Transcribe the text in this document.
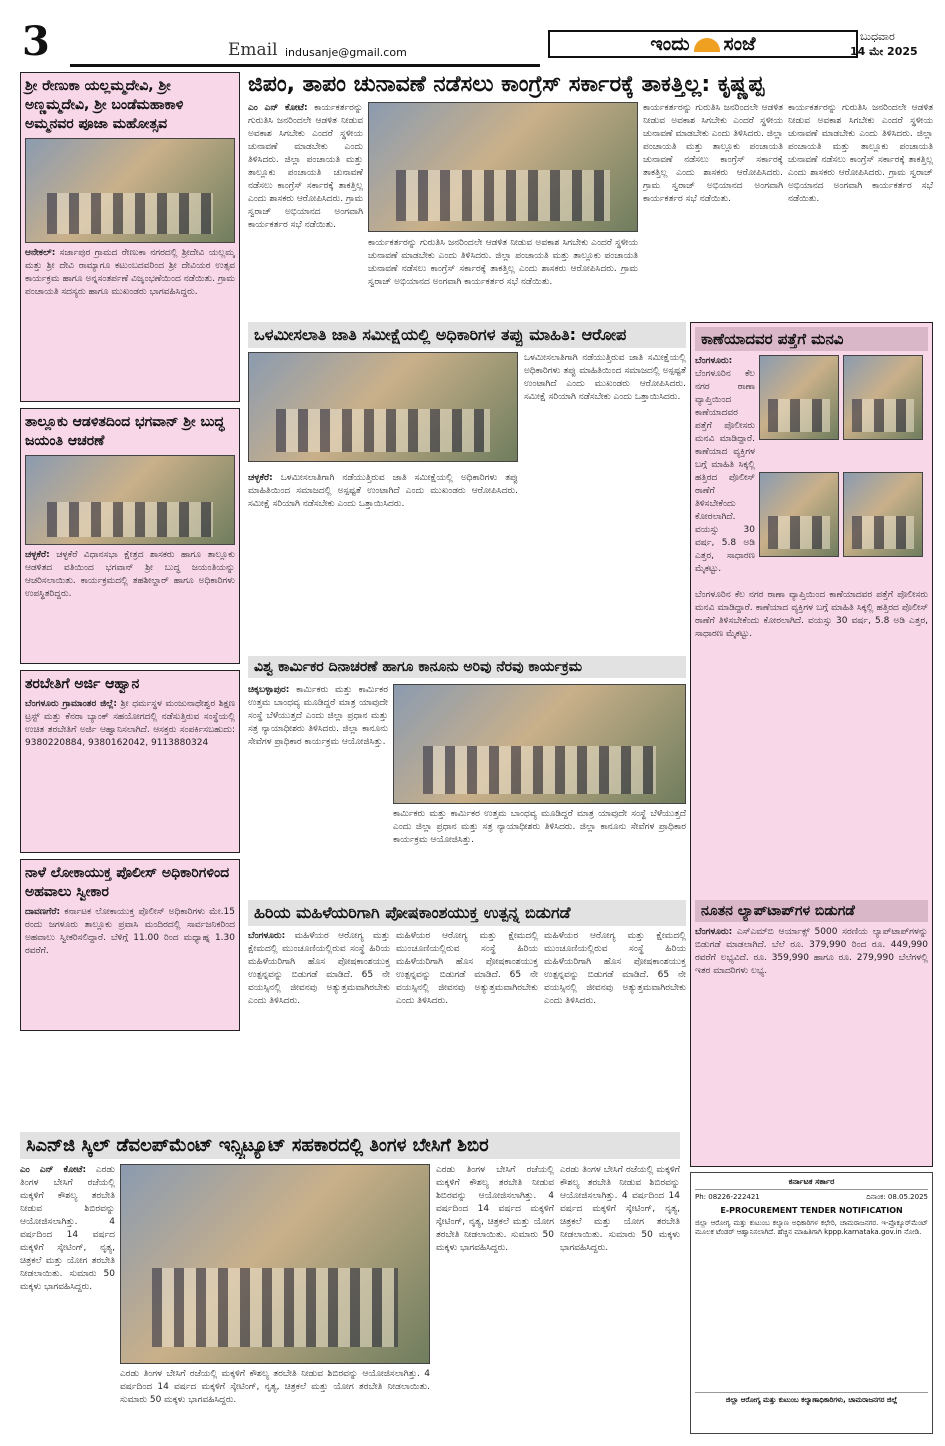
3	Email indusanje@gmail.com	ಇಂದು ಸಂಜೆ	ಬುಧವಾರ
14 ಮೇ 2025
ಶ್ರೀ ರೇಣುಕಾ ಯಲ್ಲಮ್ಮದೇವಿ, ಶ್ರೀ ಅಣ್ಣಮ್ಮದೇವಿ, ಶ್ರೀ ಬಂಡೆಮಹಾಕಾಳಿ ಅಮ್ಮನವರ ಪೂಜಾ ಮಹೋತ್ಸವ
ಆನೇಕಲ್: ಸರ್ಜಾಪುರ ಗ್ರಾಮದ ರೇಣುಕಾ ನಗರದಲ್ಲಿ ಶ್ರೀದೇವಿ ಯಲ್ಲಮ್ಮ ಮತ್ತು ಶ್ರೀ ದೇವಿ ರಾಮ್ಯಾಗೂ ಕಟುಂಬದವರಿಂದ ಶ್ರೀ ದೇವಿಯರ ಉತ್ಸವ ಕಾರ್ಯಕ್ರಮ ಹಾಗೂ ಅನ್ನಸಂತರ್ಪಣೆ ವಿಜೃಂಭಣೆಯಿಂದ ನಡೆಯಿತು. ಗ್ರಾಮ ಪಂಚಾಯತಿ ಸದಸ್ಯರು ಹಾಗೂ ಮುಖಂಡರು ಭಾಗವಹಿಸಿದ್ದರು.
ತಾಲ್ಲೂಕು ಆಡಳಿತದಿಂದ ಭಗವಾನ್ ಶ್ರೀ ಬುದ್ಧ ಜಯಂತಿ ಆಚರಣೆ
ಚಳ್ಳಕೆರೆ: ಚಳ್ಳಕೆರೆ ವಿಧಾನಸಭಾ ಕ್ಷೇತ್ರದ ಶಾಸಕರು ಹಾಗೂ ತಾಲ್ಲೂಕು ಆಡಳಿತದ ವತಿಯಿಂದ ಭಗವಾನ್ ಶ್ರೀ ಬುದ್ಧ ಜಯಂತಿಯನ್ನು ಆಚರಿಸಲಾಯಿತು. ಕಾರ್ಯಕ್ರಮದಲ್ಲಿ ತಹಶೀಲ್ದಾರ್ ಹಾಗೂ ಅಧಿಕಾರಿಗಳು ಉಪಸ್ಥಿತರಿದ್ದರು.
ತರಬೇತಿಗೆ ಅರ್ಜಿ ಆಹ್ವಾನ
ಬೆಂಗಳೂರು ಗ್ರಾಮಾಂತರ ಜಿಲ್ಲೆ: ಶ್ರೀ ಧರ್ಮಸ್ಥಳ ಮಂಜುನಾಥೇಶ್ವರ ಶಿಕ್ಷಣ ಟ್ರಸ್ಟ್ ಮತ್ತು ಕೆನರಾ ಬ್ಯಾಂಕ್ ಸಹಯೋಗದಲ್ಲಿ ನಡೆಸುತ್ತಿರುವ ಸಂಸ್ಥೆಯಲ್ಲಿ ಉಚಿತ ತರಬೇತಿಗೆ ಅರ್ಜಿ ಆಹ್ವಾನಿಸಲಾಗಿದೆ. ಆಸಕ್ತರು ಸಂಪರ್ಕಿಸಬಹುದು: 9380220884, 9380162042, 9113880324
ನಾಳೆ ಲೋಕಾಯುಕ್ತ ಪೊಲೀಸ್ ಅಧಿಕಾರಿಗಳಿಂದ ಅಹವಾಲು ಸ್ವೀಕಾರ
ದಾವಣಗೆರೆ: ಕರ್ನಾಟಕ ಲೋಕಾಯುಕ್ತ ಪೊಲೀಸ್ ಅಧಿಕಾರಿಗಳು ಮೇ.15 ರಂದು ಜಗಳೂರು ತಾಲ್ಲೂಕು ಪ್ರವಾಸಿ ಮಂದಿರದಲ್ಲಿ ಸಾರ್ವಜನಿಕರಿಂದ ಅಹವಾಲು ಸ್ವೀಕರಿಸಲಿದ್ದಾರೆ. ಬೆಳಿಗ್ಗೆ 11.00 ರಿಂದ ಮಧ್ಯಾಹ್ನ 1.30 ರವರೆಗೆ.
ಜಿಪಂ, ತಾಪಂ ಚುನಾವಣೆ ನಡೆಸಲು ಕಾಂಗ್ರೆಸ್ ಸರ್ಕಾರಕ್ಕೆ ತಾಕತ್ತಿಲ್ಲ: ಕೃಷ್ಣಪ್ಪ
ಎಂ ಎನ್ ಕೋಟೆ: ಕಾರ್ಯಕರ್ತರನ್ನು ಗುರುತಿಸಿ ಜನರಿಂದಲೇ ಆಡಳಿತ ನೀಡುವ ಅವಕಾಶ ಸಿಗಬೇಕು ಎಂದರೆ ಸ್ಥಳೀಯ ಚುನಾವಣೆ ಮಾಡಬೇಕು ಎಂದು ತಿಳಿಸಿದರು. ಜಿಲ್ಲಾ ಪಂಚಾಯತಿ ಮತ್ತು ತಾಲ್ಲೂಕು ಪಂಚಾಯತಿ ಚುನಾವಣೆ ನಡೆಸಲು ಕಾಂಗ್ರೆಸ್ ಸರ್ಕಾರಕ್ಕೆ ತಾಕತ್ತಿಲ್ಲ ಎಂದು ಶಾಸಕರು ಆರೋಪಿಸಿದರು. ಗ್ರಾಮ ಸ್ವರಾಜ್ ಅಭಿಯಾನದ ಅಂಗವಾಗಿ ಕಾರ್ಯಕರ್ತರ ಸಭೆ ನಡೆಯಿತು.
ಕಾರ್ಯಕರ್ತರನ್ನು ಗುರುತಿಸಿ ಜನರಿಂದಲೇ ಆಡಳಿತ ನೀಡುವ ಅವಕಾಶ ಸಿಗಬೇಕು ಎಂದರೆ ಸ್ಥಳೀಯ ಚುನಾವಣೆ ಮಾಡಬೇಕು ಎಂದು ತಿಳಿಸಿದರು. ಜಿಲ್ಲಾ ಪಂಚಾಯತಿ ಮತ್ತು ತಾಲ್ಲೂಕು ಪಂಚಾಯತಿ ಚುನಾವಣೆ ನಡೆಸಲು ಕಾಂಗ್ರೆಸ್ ಸರ್ಕಾರಕ್ಕೆ ತಾಕತ್ತಿಲ್ಲ ಎಂದು ಶಾಸಕರು ಆರೋಪಿಸಿದರು. ಗ್ರಾಮ ಸ್ವರಾಜ್ ಅಭಿಯಾನದ ಅಂಗವಾಗಿ ಕಾರ್ಯಕರ್ತರ ಸಭೆ ನಡೆಯಿತು.
ಕಾರ್ಯಕರ್ತರನ್ನು ಗುರುತಿಸಿ ಜನರಿಂದಲೇ ಆಡಳಿತ ನೀಡುವ ಅವಕಾಶ ಸಿಗಬೇಕು ಎಂದರೆ ಸ್ಥಳೀಯ ಚುನಾವಣೆ ಮಾಡಬೇಕು ಎಂದು ತಿಳಿಸಿದರು. ಜಿಲ್ಲಾ ಪಂಚಾಯತಿ ಮತ್ತು ತಾಲ್ಲೂಕು ಪಂಚಾಯತಿ ಚುನಾವಣೆ ನಡೆಸಲು ಕಾಂಗ್ರೆಸ್ ಸರ್ಕಾರಕ್ಕೆ ತಾಕತ್ತಿಲ್ಲ ಎಂದು ಶಾಸಕರು ಆರೋಪಿಸಿದರು. ಗ್ರಾಮ ಸ್ವರಾಜ್ ಅಭಿಯಾನದ ಅಂಗವಾಗಿ ಕಾರ್ಯಕರ್ತರ ಸಭೆ ನಡೆಯಿತು.
ಕಾರ್ಯಕರ್ತರನ್ನು ಗುರುತಿಸಿ ಜನರಿಂದಲೇ ಆಡಳಿತ ನೀಡುವ ಅವಕಾಶ ಸಿಗಬೇಕು ಎಂದರೆ ಸ್ಥಳೀಯ ಚುನಾವಣೆ ಮಾಡಬೇಕು ಎಂದು ತಿಳಿಸಿದರು. ಜಿಲ್ಲಾ ಪಂಚಾಯತಿ ಮತ್ತು ತಾಲ್ಲೂಕು ಪಂಚಾಯತಿ ಚುನಾವಣೆ ನಡೆಸಲು ಕಾಂಗ್ರೆಸ್ ಸರ್ಕಾರಕ್ಕೆ ತಾಕತ್ತಿಲ್ಲ ಎಂದು ಶಾಸಕರು ಆರೋಪಿಸಿದರು. ಗ್ರಾಮ ಸ್ವರಾಜ್ ಅಭಿಯಾನದ ಅಂಗವಾಗಿ ಕಾರ್ಯಕರ್ತರ ಸಭೆ ನಡೆಯಿತು.
ಒಳಮೀಸಲಾತಿ ಜಾತಿ ಸಮೀಕ್ಷೆಯಲ್ಲಿ ಅಧಿಕಾರಿಗಳ ತಪ್ಪು ಮಾಹಿತಿ: ಆರೋಪ
ಒಳಮೀಸಲಾತಿಗಾಗಿ ನಡೆಯುತ್ತಿರುವ ಜಾತಿ ಸಮೀಕ್ಷೆಯಲ್ಲಿ ಅಧಿಕಾರಿಗಳು ತಪ್ಪು ಮಾಹಿತಿಯಿಂದ ಸಮಾಜದಲ್ಲಿ ಅಸ್ಪಷ್ಟತೆ ಉಂಟಾಗಿದೆ ಎಂದು ಮುಖಂಡರು ಆರೋಪಿಸಿದರು. ಸಮೀಕ್ಷೆ ಸರಿಯಾಗಿ ನಡೆಸಬೇಕು ಎಂದು ಒತ್ತಾಯಿಸಿದರು.
ಚಳ್ಳಕೆರೆ: ಒಳಮೀಸಲಾತಿಗಾಗಿ ನಡೆಯುತ್ತಿರುವ ಜಾತಿ ಸಮೀಕ್ಷೆಯಲ್ಲಿ ಅಧಿಕಾರಿಗಳು ತಪ್ಪು ಮಾಹಿತಿಯಿಂದ ಸಮಾಜದಲ್ಲಿ ಅಸ್ಪಷ್ಟತೆ ಉಂಟಾಗಿದೆ ಎಂದು ಮುಖಂಡರು ಆರೋಪಿಸಿದರು. ಸಮೀಕ್ಷೆ ಸರಿಯಾಗಿ ನಡೆಸಬೇಕು ಎಂದು ಒತ್ತಾಯಿಸಿದರು.
ಕಾಣೆಯಾದವರ ಪತ್ತೆಗೆ ಮನವಿ
ಬೆಂಗಳೂರು: ಬೆಂಗಳೂರಿನ ಕೆಲ ನಗರ ಠಾಣಾ ವ್ಯಾಪ್ತಿಯಿಂದ ಕಾಣೆಯಾದವರ ಪತ್ತೆಗೆ ಪೊಲೀಸರು ಮನವಿ ಮಾಡಿದ್ದಾರೆ. ಕಾಣೆಯಾದ ವ್ಯಕ್ತಿಗಳ ಬಗ್ಗೆ ಮಾಹಿತಿ ಸಿಕ್ಕಲ್ಲಿ ಹತ್ತಿರದ ಪೊಲೀಸ್ ಠಾಣೆಗೆ ತಿಳಿಸಬೇಕೆಂದು ಕೋರಲಾಗಿದೆ. ವಯಸ್ಸು 30 ವರ್ಷ, 5.8 ಅಡಿ ಎತ್ತರ, ಸಾಧಾರಣ ಮೈಕಟ್ಟು.
ಬೆಂಗಳೂರಿನ ಕೆಲ ನಗರ ಠಾಣಾ ವ್ಯಾಪ್ತಿಯಿಂದ ಕಾಣೆಯಾದವರ ಪತ್ತೆಗೆ ಪೊಲೀಸರು ಮನವಿ ಮಾಡಿದ್ದಾರೆ. ಕಾಣೆಯಾದ ವ್ಯಕ್ತಿಗಳ ಬಗ್ಗೆ ಮಾಹಿತಿ ಸಿಕ್ಕಲ್ಲಿ ಹತ್ತಿರದ ಪೊಲೀಸ್ ಠಾಣೆಗೆ ತಿಳಿಸಬೇಕೆಂದು ಕೋರಲಾಗಿದೆ. ವಯಸ್ಸು 30 ವರ್ಷ, 5.8 ಅಡಿ ಎತ್ತರ, ಸಾಧಾರಣ ಮೈಕಟ್ಟು.
ನೂತನ ಲ್ಯಾಪ್‌ಟಾಪ್‌ಗಳ ಬಿಡುಗಡೆ
ಬೆಂಗಳೂರು: ಎಸ್‌ಎಮ್‌ಬಿ ಆರ್ಯಾಕ್ಸ್ 5000 ಸರಣಿಯ ಲ್ಯಾಪ್‌ಟಾಪ್‌ಗಳನ್ನು ಬಿಡುಗಡೆ ಮಾಡಲಾಗಿದೆ. ಬೆಲೆ ರೂ. 379,990 ರಿಂದ ರೂ. 449,990 ರವರೆಗೆ ಲಭ್ಯವಿದೆ. ರೂ. 359,990 ಹಾಗೂ ರೂ. 279,990 ಬೆಲೆಗಳಲ್ಲಿ ಇತರ ಮಾದರಿಗಳು ಲಭ್ಯ.
ವಿಶ್ವ ಕಾರ್ಮಿಕರ ದಿನಾಚರಣೆ ಹಾಗೂ ಕಾನೂನು ಅರಿವು ನೆರವು ಕಾರ್ಯಕ್ರಮ
ಚಿಕ್ಕಬಳ್ಳಾಪುರ: ಕಾರ್ಮಿಕರು ಮತ್ತು ಕಾರ್ಮಿಕರ ಉತ್ತಮ ಬಾಂಧವ್ಯ ಮೂಡಿದ್ದರೆ ಮಾತ್ರ ಯಾವುದೇ ಸಂಸ್ಥೆ ಬೆಳೆಯುತ್ತದೆ ಎಂದು ಜಿಲ್ಲಾ ಪ್ರಧಾನ ಮತ್ತು ಸತ್ರ ನ್ಯಾಯಾಧೀಶರು ತಿಳಿಸಿದರು. ಜಿಲ್ಲಾ ಕಾನೂನು ಸೇವೆಗಳ ಪ್ರಾಧಿಕಾರ ಕಾರ್ಯಕ್ರಮ ಆಯೋಜಿಸಿತ್ತು.
ಕಾರ್ಮಿಕರು ಮತ್ತು ಕಾರ್ಮಿಕರ ಉತ್ತಮ ಬಾಂಧವ್ಯ ಮೂಡಿದ್ದರೆ ಮಾತ್ರ ಯಾವುದೇ ಸಂಸ್ಥೆ ಬೆಳೆಯುತ್ತದೆ ಎಂದು ಜಿಲ್ಲಾ ಪ್ರಧಾನ ಮತ್ತು ಸತ್ರ ನ್ಯಾಯಾಧೀಶರು ತಿಳಿಸಿದರು. ಜಿಲ್ಲಾ ಕಾನೂನು ಸೇವೆಗಳ ಪ್ರಾಧಿಕಾರ ಕಾರ್ಯಕ್ರಮ ಆಯೋಜಿಸಿತ್ತು.
ಹಿರಿಯ ಮಹಿಳೆಯರಿಗಾಗಿ ಪೋಷಕಾಂಶಯುಕ್ತ ಉತ್ಪನ್ನ ಬಿಡುಗಡೆ
ಬೆಂಗಳೂರು: ಮಹಿಳೆಯರ ಆರೋಗ್ಯ ಮತ್ತು ಕ್ಷೇಮದಲ್ಲಿ ಮುಂಚೂಣಿಯಲ್ಲಿರುವ ಸಂಸ್ಥೆ ಹಿರಿಯ ಮಹಿಳೆಯರಿಗಾಗಿ ಹೊಸ ಪೋಷಕಾಂಶಯುಕ್ತ ಉತ್ಪನ್ನವನ್ನು ಬಿಡುಗಡೆ ಮಾಡಿದೆ. 65 ನೇ ವಯಸ್ಸಿನಲ್ಲಿ ಜೀವನವು ಅತ್ಯುತ್ತಮವಾಗಿರಬೇಕು ಎಂದು ತಿಳಿಸಿದರು.
ಮಹಿಳೆಯರ ಆರೋಗ್ಯ ಮತ್ತು ಕ್ಷೇಮದಲ್ಲಿ ಮುಂಚೂಣಿಯಲ್ಲಿರುವ ಸಂಸ್ಥೆ ಹಿರಿಯ ಮಹಿಳೆಯರಿಗಾಗಿ ಹೊಸ ಪೋಷಕಾಂಶಯುಕ್ತ ಉತ್ಪನ್ನವನ್ನು ಬಿಡುಗಡೆ ಮಾಡಿದೆ. 65 ನೇ ವಯಸ್ಸಿನಲ್ಲಿ ಜೀವನವು ಅತ್ಯುತ್ತಮವಾಗಿರಬೇಕು ಎಂದು ತಿಳಿಸಿದರು.
ಮಹಿಳೆಯರ ಆರೋಗ್ಯ ಮತ್ತು ಕ್ಷೇಮದಲ್ಲಿ ಮುಂಚೂಣಿಯಲ್ಲಿರುವ ಸಂಸ್ಥೆ ಹಿರಿಯ ಮಹಿಳೆಯರಿಗಾಗಿ ಹೊಸ ಪೋಷಕಾಂಶಯುಕ್ತ ಉತ್ಪನ್ನವನ್ನು ಬಿಡುಗಡೆ ಮಾಡಿದೆ. 65 ನೇ ವಯಸ್ಸಿನಲ್ಲಿ ಜೀವನವು ಅತ್ಯುತ್ತಮವಾಗಿರಬೇಕು ಎಂದು ತಿಳಿಸಿದರು.
ಸಿಎನ್‌ಜಿ ಸ್ಕಿಲ್ ಡೆವಲಪ್‌ಮೆಂಟ್ ಇನ್ಸ್ಟಿಟ್ಯೂಟ್ ಸಹಕಾರದಲ್ಲಿ ತಿಂಗಳ ಬೇಸಿಗೆ ಶಿಬಿರ
ಎಂ ಎನ್ ಕೋಟೆ: ಎರಡು ತಿಂಗಳ ಬೇಸಿಗೆ ರಜೆಯಲ್ಲಿ ಮಕ್ಕಳಿಗೆ ಕೌಶಲ್ಯ ತರಬೇತಿ ನೀಡುವ ಶಿಬಿರವನ್ನು ಆಯೋಜಿಸಲಾಗಿತ್ತು. 4 ವರ್ಷದಿಂದ 14 ವರ್ಷದ ಮಕ್ಕಳಿಗೆ ಸ್ಕೇಟಿಂಗ್, ನೃತ್ಯ, ಚಿತ್ರಕಲೆ ಮತ್ತು ಯೋಗ ತರಬೇತಿ ನೀಡಲಾಯಿತು. ಸುಮಾರು 50 ಮಕ್ಕಳು ಭಾಗವಹಿಸಿದ್ದರು.
ಎರಡು ತಿಂಗಳ ಬೇಸಿಗೆ ರಜೆಯಲ್ಲಿ ಮಕ್ಕಳಿಗೆ ಕೌಶಲ್ಯ ತರಬೇತಿ ನೀಡುವ ಶಿಬಿರವನ್ನು ಆಯೋಜಿಸಲಾಗಿತ್ತು. 4 ವರ್ಷದಿಂದ 14 ವರ್ಷದ ಮಕ್ಕಳಿಗೆ ಸ್ಕೇಟಿಂಗ್, ನೃತ್ಯ, ಚಿತ್ರಕಲೆ ಮತ್ತು ಯೋಗ ತರಬೇತಿ ನೀಡಲಾಯಿತು. ಸುಮಾರು 50 ಮಕ್ಕಳು ಭಾಗವಹಿಸಿದ್ದರು.
ಎರಡು ತಿಂಗಳ ಬೇಸಿಗೆ ರಜೆಯಲ್ಲಿ ಮಕ್ಕಳಿಗೆ ಕೌಶಲ್ಯ ತರಬೇತಿ ನೀಡುವ ಶಿಬಿರವನ್ನು ಆಯೋಜಿಸಲಾಗಿತ್ತು. 4 ವರ್ಷದಿಂದ 14 ವರ್ಷದ ಮಕ್ಕಳಿಗೆ ಸ್ಕೇಟಿಂಗ್, ನೃತ್ಯ, ಚಿತ್ರಕಲೆ ಮತ್ತು ಯೋಗ ತರಬೇತಿ ನೀಡಲಾಯಿತು. ಸುಮಾರು 50 ಮಕ್ಕಳು ಭಾಗವಹಿಸಿದ್ದರು.
ಎರಡು ತಿಂಗಳ ಬೇಸಿಗೆ ರಜೆಯಲ್ಲಿ ಮಕ್ಕಳಿಗೆ ಕೌಶಲ್ಯ ತರಬೇತಿ ನೀಡುವ ಶಿಬಿರವನ್ನು ಆಯೋಜಿಸಲಾಗಿತ್ತು. 4 ವರ್ಷದಿಂದ 14 ವರ್ಷದ ಮಕ್ಕಳಿಗೆ ಸ್ಕೇಟಿಂಗ್, ನೃತ್ಯ, ಚಿತ್ರಕಲೆ ಮತ್ತು ಯೋಗ ತರಬೇತಿ ನೀಡಲಾಯಿತು. ಸುಮಾರು 50 ಮಕ್ಕಳು ಭಾಗವಹಿಸಿದ್ದರು.
ಕರ್ನಾಟಕ ಸರ್ಕಾರ
Ph: 08226-222421	ದಿನಾಂಕ: 08.05.2025
E-PROCUREMENT TENDER NOTIFICATION
ಜಿಲ್ಲಾ ಆರೋಗ್ಯ ಮತ್ತು ಕುಟುಂಬ ಕಲ್ಯಾಣ ಅಧಿಕಾರಿಗಳ ಕಛೇರಿ, ಚಾಮರಾಜನಗರ. ಇ-ಪ್ರೊಕ್ಯೂರ್‌ಮೆಂಟ್ ಮೂಲಕ ಟೆಂಡರ್ ಆಹ್ವಾನಿಸಲಾಗಿದೆ. ಹೆಚ್ಚಿನ ಮಾಹಿತಿಗಾಗಿ kppp.karnataka.gov.in ನೋಡಿ.
ಜಿಲ್ಲಾ ಆರೋಗ್ಯ ಮತ್ತು ಕುಟುಂಬ ಕಲ್ಯಾಣಾಧಿಕಾರಿಗಳು, ಚಾಮರಾಜನಗರ ಜಿಲ್ಲೆ
